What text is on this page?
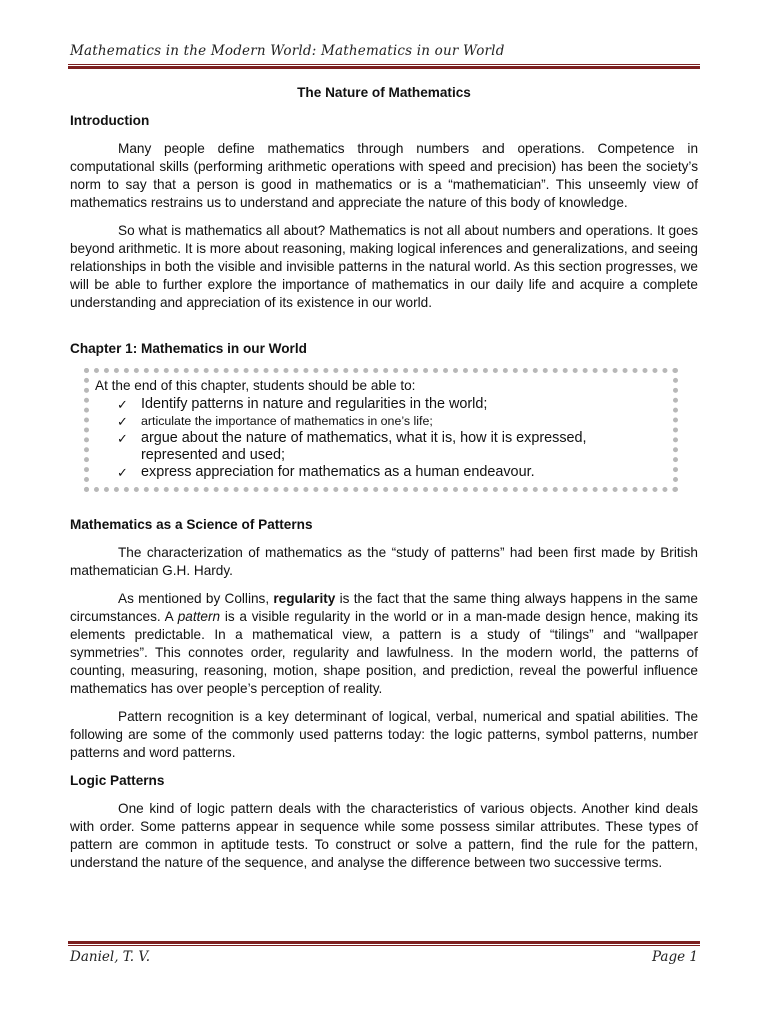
Mathematics in the Modern World: Mathematics in our World
The Nature of Mathematics
Introduction

Many people define mathematics through numbers and operations. Competence in computational skills (performing arithmetic operations with speed and precision) has been the society’s norm to say that a person is good in mathematics or is a “mathematician”. This unseemly view of mathematics restrains us to understand and appreciate the nature of this body of knowledge.

So what is mathematics all about? Mathematics is not all about numbers and operations. It goes beyond arithmetic. It is more about reasoning, making logical inferences and generalizations, and seeing relationships in both the visible and invisible patterns in the natural world. As this section progresses, we will be able to further explore the importance of mathematics in our daily life and acquire a complete understanding and appreciation of its existence in our world.

Chapter 1: Mathematics in our World
At the end of this chapter, students should be able to:
✓ Identify patterns in nature and regularities in the world;
✓ articulate the importance of mathematics in one’s life;
✓ argue about the nature of mathematics, what it is, how it is expressed, represented and used;
✓ express appreciation for mathematics as a human endeavour.
Mathematics as a Science of Patterns

The characterization of mathematics as the “study of patterns” had been first made by British mathematician G.H. Hardy.

As mentioned by Collins, regularity is the fact that the same thing always happens in the same circumstances. A pattern is a visible regularity in the world or in a man-made design hence, making its elements predictable. In a mathematical view, a pattern is a study of “tilings” and “wallpaper symmetries”. This connotes order, regularity and lawfulness. In the modern world, the patterns of counting, measuring, reasoning, motion, shape position, and prediction, reveal the powerful influence mathematics has over people’s perception of reality.

Pattern recognition is a key determinant of logical, verbal, numerical and spatial abilities. The following are some of the commonly used patterns today: the logic patterns, symbol patterns, number patterns and word patterns.

Logic Patterns

One kind of logic pattern deals with the characteristics of various objects. Another kind deals with order. Some patterns appear in sequence while some possess similar attributes. These types of pattern are common in aptitude tests. To construct or solve a pattern, find the rule for the pattern, understand the nature of the sequence, and analyse the difference between two successive terms.

Daniel, T. V.	Page 1
